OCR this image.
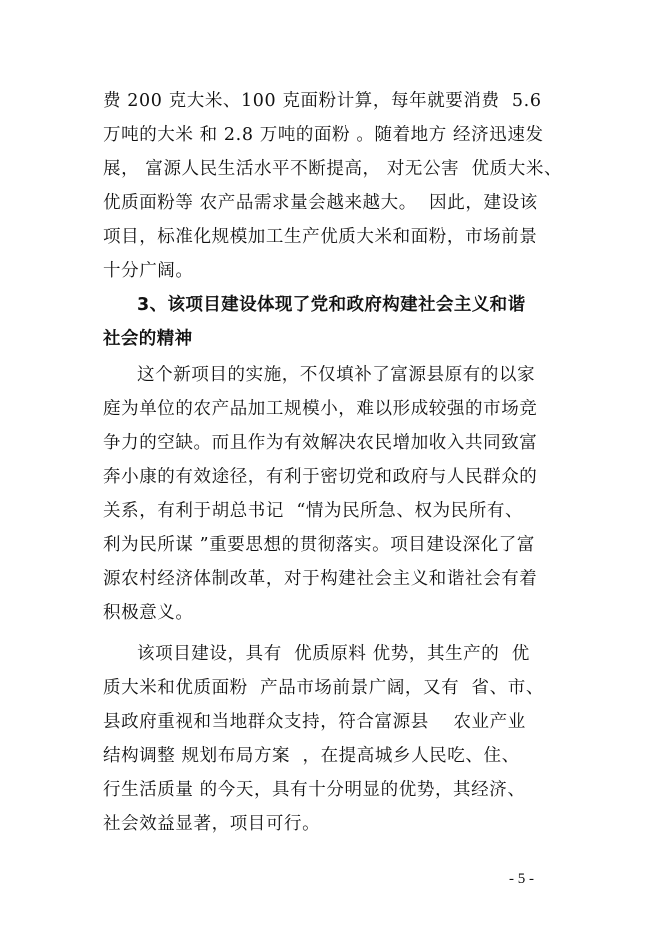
费 200 克大米、100 克面粉计算，每年就要消费  5.6
万吨的大米 和 2.8 万吨的面粉 。随着地方 经济迅速发
展， 富源人民生活水平不断提高， 对无公害  优质大米、
优质面粉等 农产品需求量会越来越大。  因此，建设该
项目，标准化规模加工生产优质大米和面粉，市场前景
十分广阔。
3、该项目建设体现了党和政府构建社会主义和谐
社会的精神
这个新项目的实施，不仅填补了富源县原有的以家
庭为单位的农产品加工规模小，难以形成较强的市场竞
争力的空缺。而且作为有效解决农民增加收入共同致富
奔小康的有效途径，有利于密切党和政府与人民群众的
关系，有利于胡总书记  “情为民所急、权为民所有、
利为民所谋 ”重要思想的贯彻落实。项目建设深化了富
源农村经济体制改革，对于构建社会主义和谐社会有着
积极意义。
该项目建设，具有  优质原料 优势，其生产的  优
质大米和优质面粉  产品市场前景广阔，又有  省、市、
县政府重视和当地群众支持，符合富源县    农业产业
结构调整 规划布局方案  ，在提高城乡人民吃、住、
行生活质量 的今天，具有十分明显的优势，其经济、
社会效益显著，项目可行。
- 5 -
